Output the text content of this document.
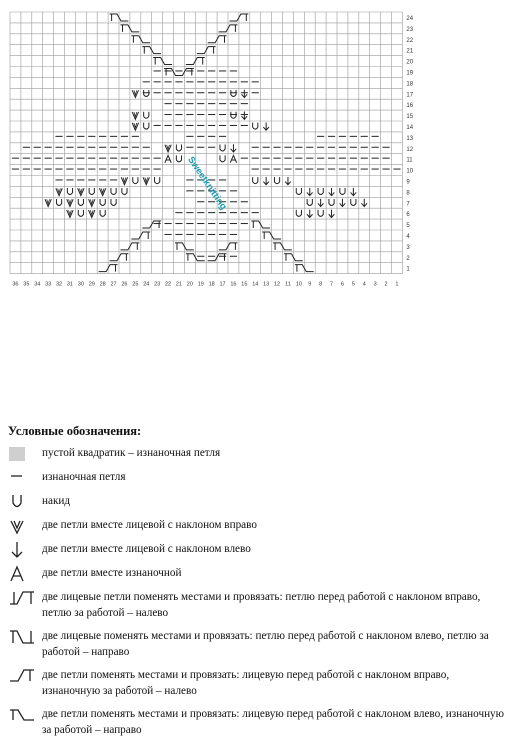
1
2
3
4
5
6
7
8
9
10
11
12
13
14
15
16
17
18
19
20
21
22
23
24
36 35 34 33 32 31 30 29 28 27 26 25 24 23 22 21 20 19 18 17 16 15 14 13 12 11 10 9 8 7 6 5 4 3 2 1
Sweetknitting
Условные обозначения:
пустой квадратик – изнаночная петля
изнаночная петля
накид
две петли вместе лицевой с наклоном вправо
две петли вместе лицевой с наклоном влево
две петли вместе изнаночной
две лицевые петли поменять местами и провязать: петлю перед работой с наклоном вправо, петлю за работой – налево
две лицевые поменять местами и провязать: петлю перед работой с наклоном влево, петлю за работой – направо
две петли поменять местами и провязать: лицевую перед работой с наклоном вправо, изнаночную за работой – налево
две петли поменять местами и провязать: лицевую перед работой с наклоном влево, изнаночную за работой – направо
